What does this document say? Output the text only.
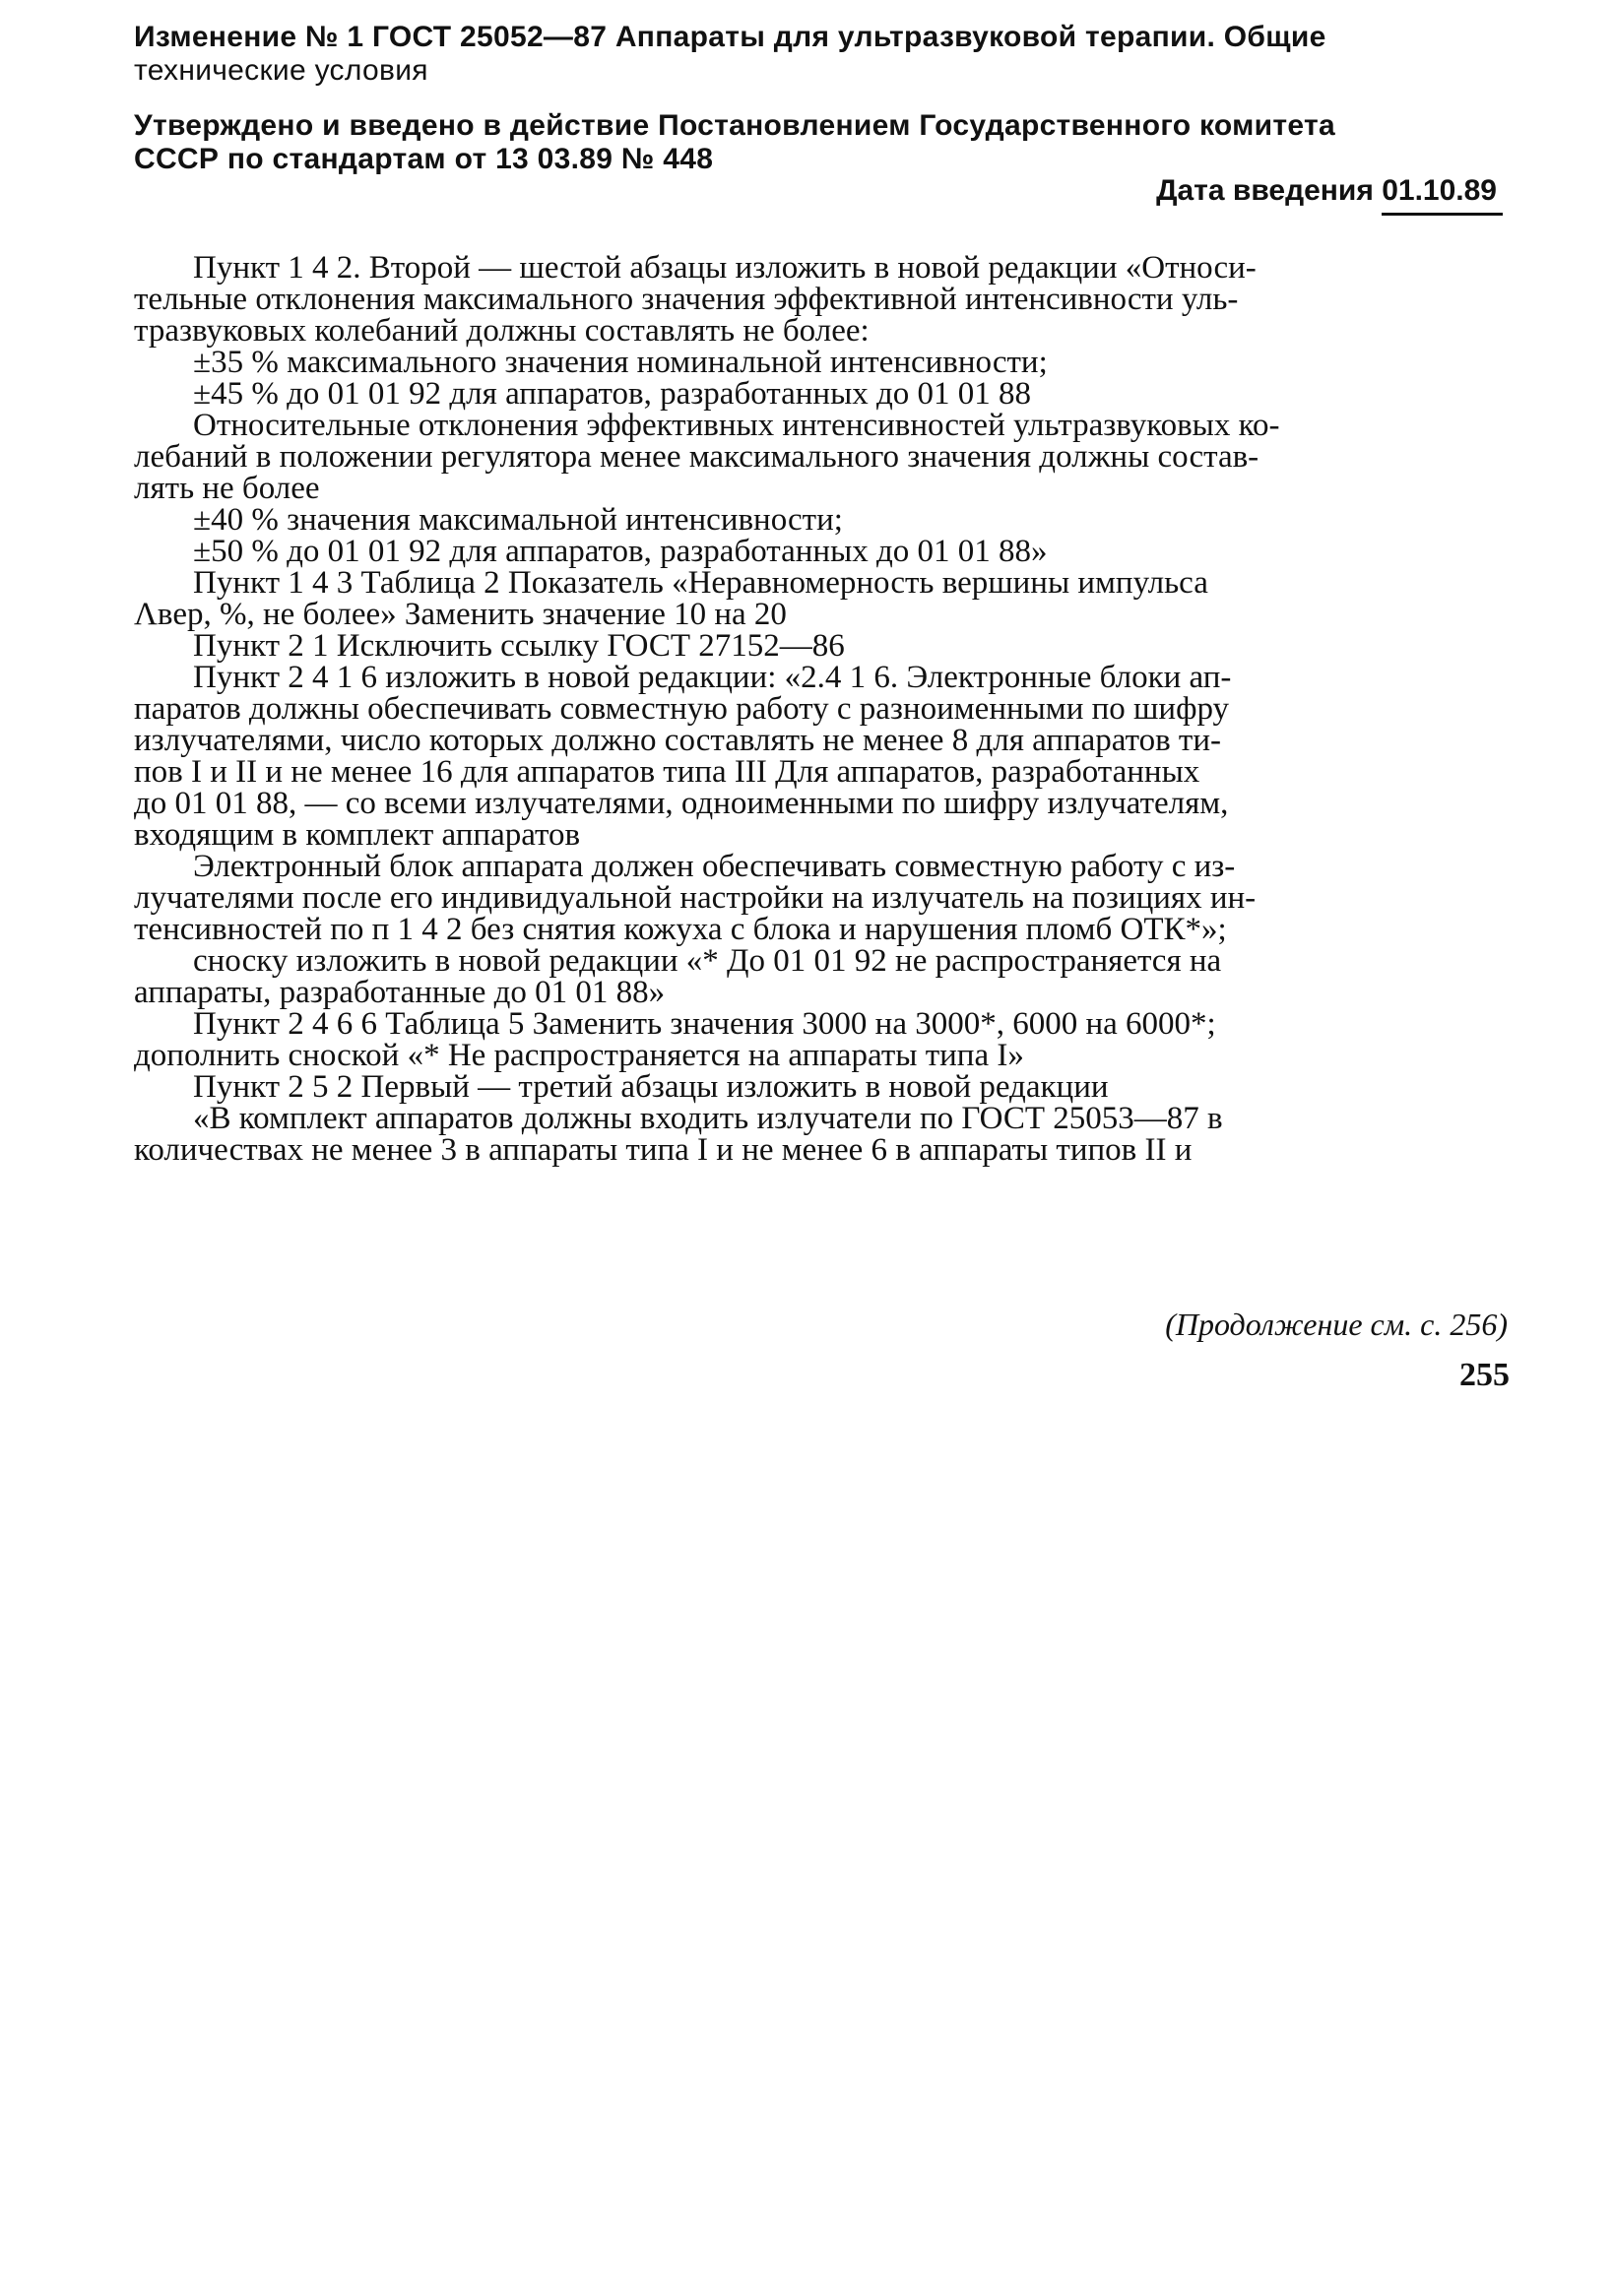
Изменение № 1 ГОСТ 25052—87 Аппараты для ультразвуковой терапии. Общие

технические условия

Утверждено и введено в действие Постановлением Государственного комитета

СССР по стандартам от 13 03.89 № 448

Дата введения 01.10.89

Пункт 1 4 2. Второй — шестой абзацы изложить в новой редакции «Относи-
тельные отклонения максимального значения эффективной интенсивности уль-
тразвуковых колебаний должны составлять не более:
±35 % максимального значения номинальной интенсивности;
±45 % до 01 01 92 для аппаратов, разработанных до 01 01 88
Относительные отклонения эффективных интенсивностей ультразвуковых ко-
лебаний в положении регулятора менее максимального значения должны состав-
лять не более
±40 % значения максимальной интенсивности;
±50 % до 01 01 92 для аппаратов, разработанных до 01 01 88»
Пункт 1 4 3 Таблица 2 Показатель «Неравномерность вершины импульса
Λвер, %, не более» Заменить значение 10 на 20
Пункт 2 1 Исключить ссылку ГОСТ 27152—86
Пункт 2 4 1 6 изложить в новой редакции: «2.4 1 6. Электронные блоки ап-
паратов должны обеспечивать совместную работу с разноименными по шифру
излучателями, число которых должно составлять не менее 8 для аппаратов ти-
пов I и II и не менее 16 для аппаратов типа III Для аппаратов, разработанных
до 01 01 88, — со всеми излучателями, одноименными по шифру излучателям,
входящим в комплект аппаратов
Электронный блок аппарата должен обеспечивать совместную работу с из-
лучателями после его индивидуальной настройки на излучатель на позициях ин-
тенсивностей по п 1 4 2 без снятия кожуха с блока и нарушения пломб ОТК*»;
сноску изложить в новой редакции «* До 01 01 92 не распространяется на
аппараты, разработанные до 01 01 88»
Пункт 2 4 6 6 Таблица 5 Заменить значения 3000 на 3000*, 6000 на 6000*;
дополнить сноской «* Не распространяется на аппараты типа I»
Пункт 2 5 2 Первый — третий абзацы изложить в новой редакции
«В комплект аппаратов должны входить излучатели по ГОСТ 25053—87 в
количествах не менее 3 в аппараты типа I и не менее 6 в аппараты типов II и

(Продолжение см. с. 256)

255
